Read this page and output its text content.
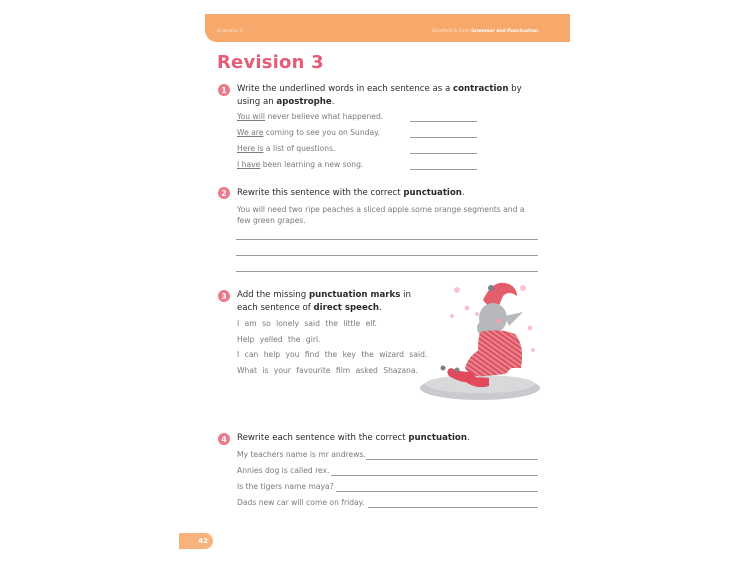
Grammar 3	Schofield & Sims Grammar and Punctuation
Revision 3
1	Write the underlined words in each sentence as a contraction by using an apostrophe.
You will never believe what happened.
We are coming to see you on Sunday.
Here is a list of questions.
I have been learning a new song.
2	Rewrite this sentence with the correct punctuation.
You will need two ripe peaches a sliced apple some orange segments and a few green grapes.
3	Add the missing punctuation marks in each sentence of direct speech.
I am so lonely said the little elf.
Help yelled the girl.
I can help you find the key the wizard said.
What is your favourite film asked Shazana.
4	Rewrite each sentence with the correct punctuation.
My teachers name is mr andrews.
Annies dog is called rex.
Is the tigers name maya?
Dads new car will come on friday.
42
